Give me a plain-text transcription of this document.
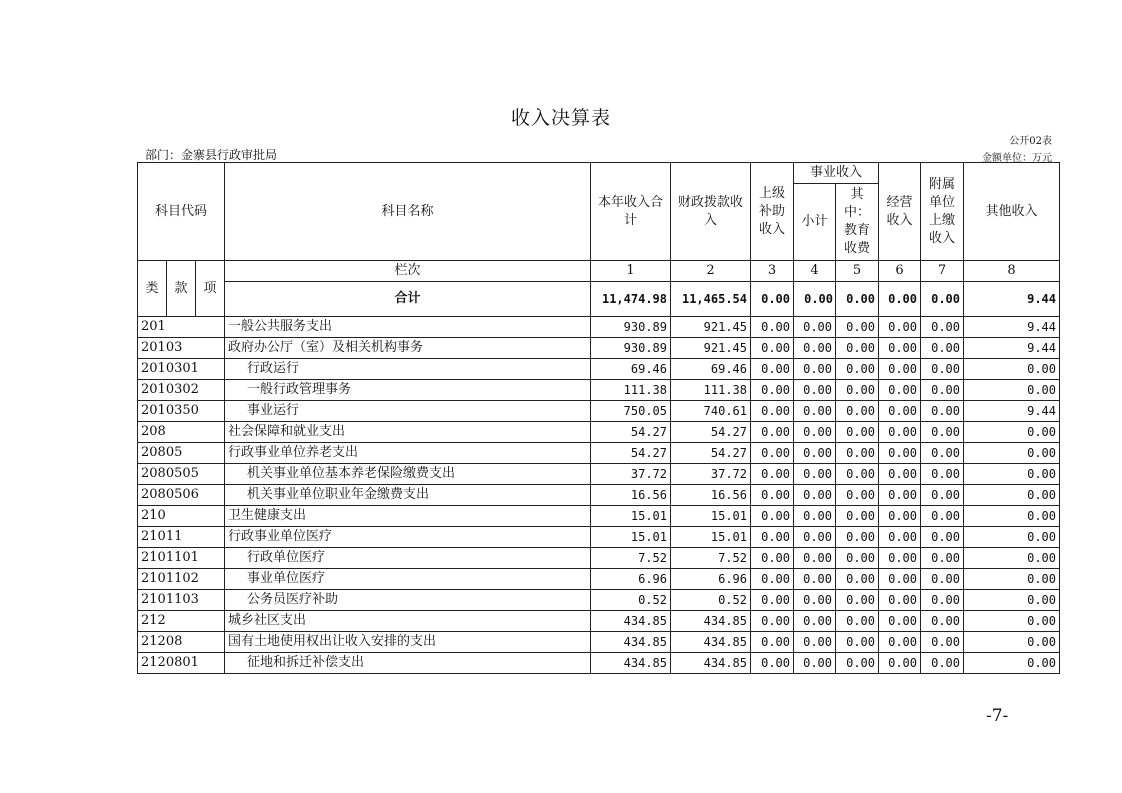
收入决算表
公开02表
部门：金寨县行政审批局	金额单位：万元
科目代码			科目名称	本年收入合计	财政拨款收入	上级补助收入	事业收入		经营收入	附属单位上缴收入	其他收入
							小计	其中：教育收费			
类	款	项	栏次	1	2	3	4	5	6	7	8
			合计	11,474.98	11,465.54	0.00	0.00	0.00	0.00	0.00	9.44
201			一般公共服务支出	930.89	921.45	0.00	0.00	0.00	0.00	0.00	9.44
20103			政府办公厅（室）及相关机构事务	930.89	921.45	0.00	0.00	0.00	0.00	0.00	9.44
2010301			行政运行	69.46	69.46	0.00	0.00	0.00	0.00	0.00	0.00
2010302			一般行政管理事务	111.38	111.38	0.00	0.00	0.00	0.00	0.00	0.00
2010350			事业运行	750.05	740.61	0.00	0.00	0.00	0.00	0.00	9.44
208			社会保障和就业支出	54.27	54.27	0.00	0.00	0.00	0.00	0.00	0.00
20805			行政事业单位养老支出	54.27	54.27	0.00	0.00	0.00	0.00	0.00	0.00
2080505			机关事业单位基本养老保险缴费支出	37.72	37.72	0.00	0.00	0.00	0.00	0.00	0.00
2080506			机关事业单位职业年金缴费支出	16.56	16.56	0.00	0.00	0.00	0.00	0.00	0.00
210			卫生健康支出	15.01	15.01	0.00	0.00	0.00	0.00	0.00	0.00
21011			行政事业单位医疗	15.01	15.01	0.00	0.00	0.00	0.00	0.00	0.00
2101101			行政单位医疗	7.52	7.52	0.00	0.00	0.00	0.00	0.00	0.00
2101102			事业单位医疗	6.96	6.96	0.00	0.00	0.00	0.00	0.00	0.00
2101103			公务员医疗补助	0.52	0.52	0.00	0.00	0.00	0.00	0.00	0.00
212			城乡社区支出	434.85	434.85	0.00	0.00	0.00	0.00	0.00	0.00
21208			国有土地使用权出让收入安排的支出	434.85	434.85	0.00	0.00	0.00	0.00	0.00	0.00
2120801			征地和拆迁补偿支出	434.85	434.85	0.00	0.00	0.00	0.00	0.00	0.00
-7-
